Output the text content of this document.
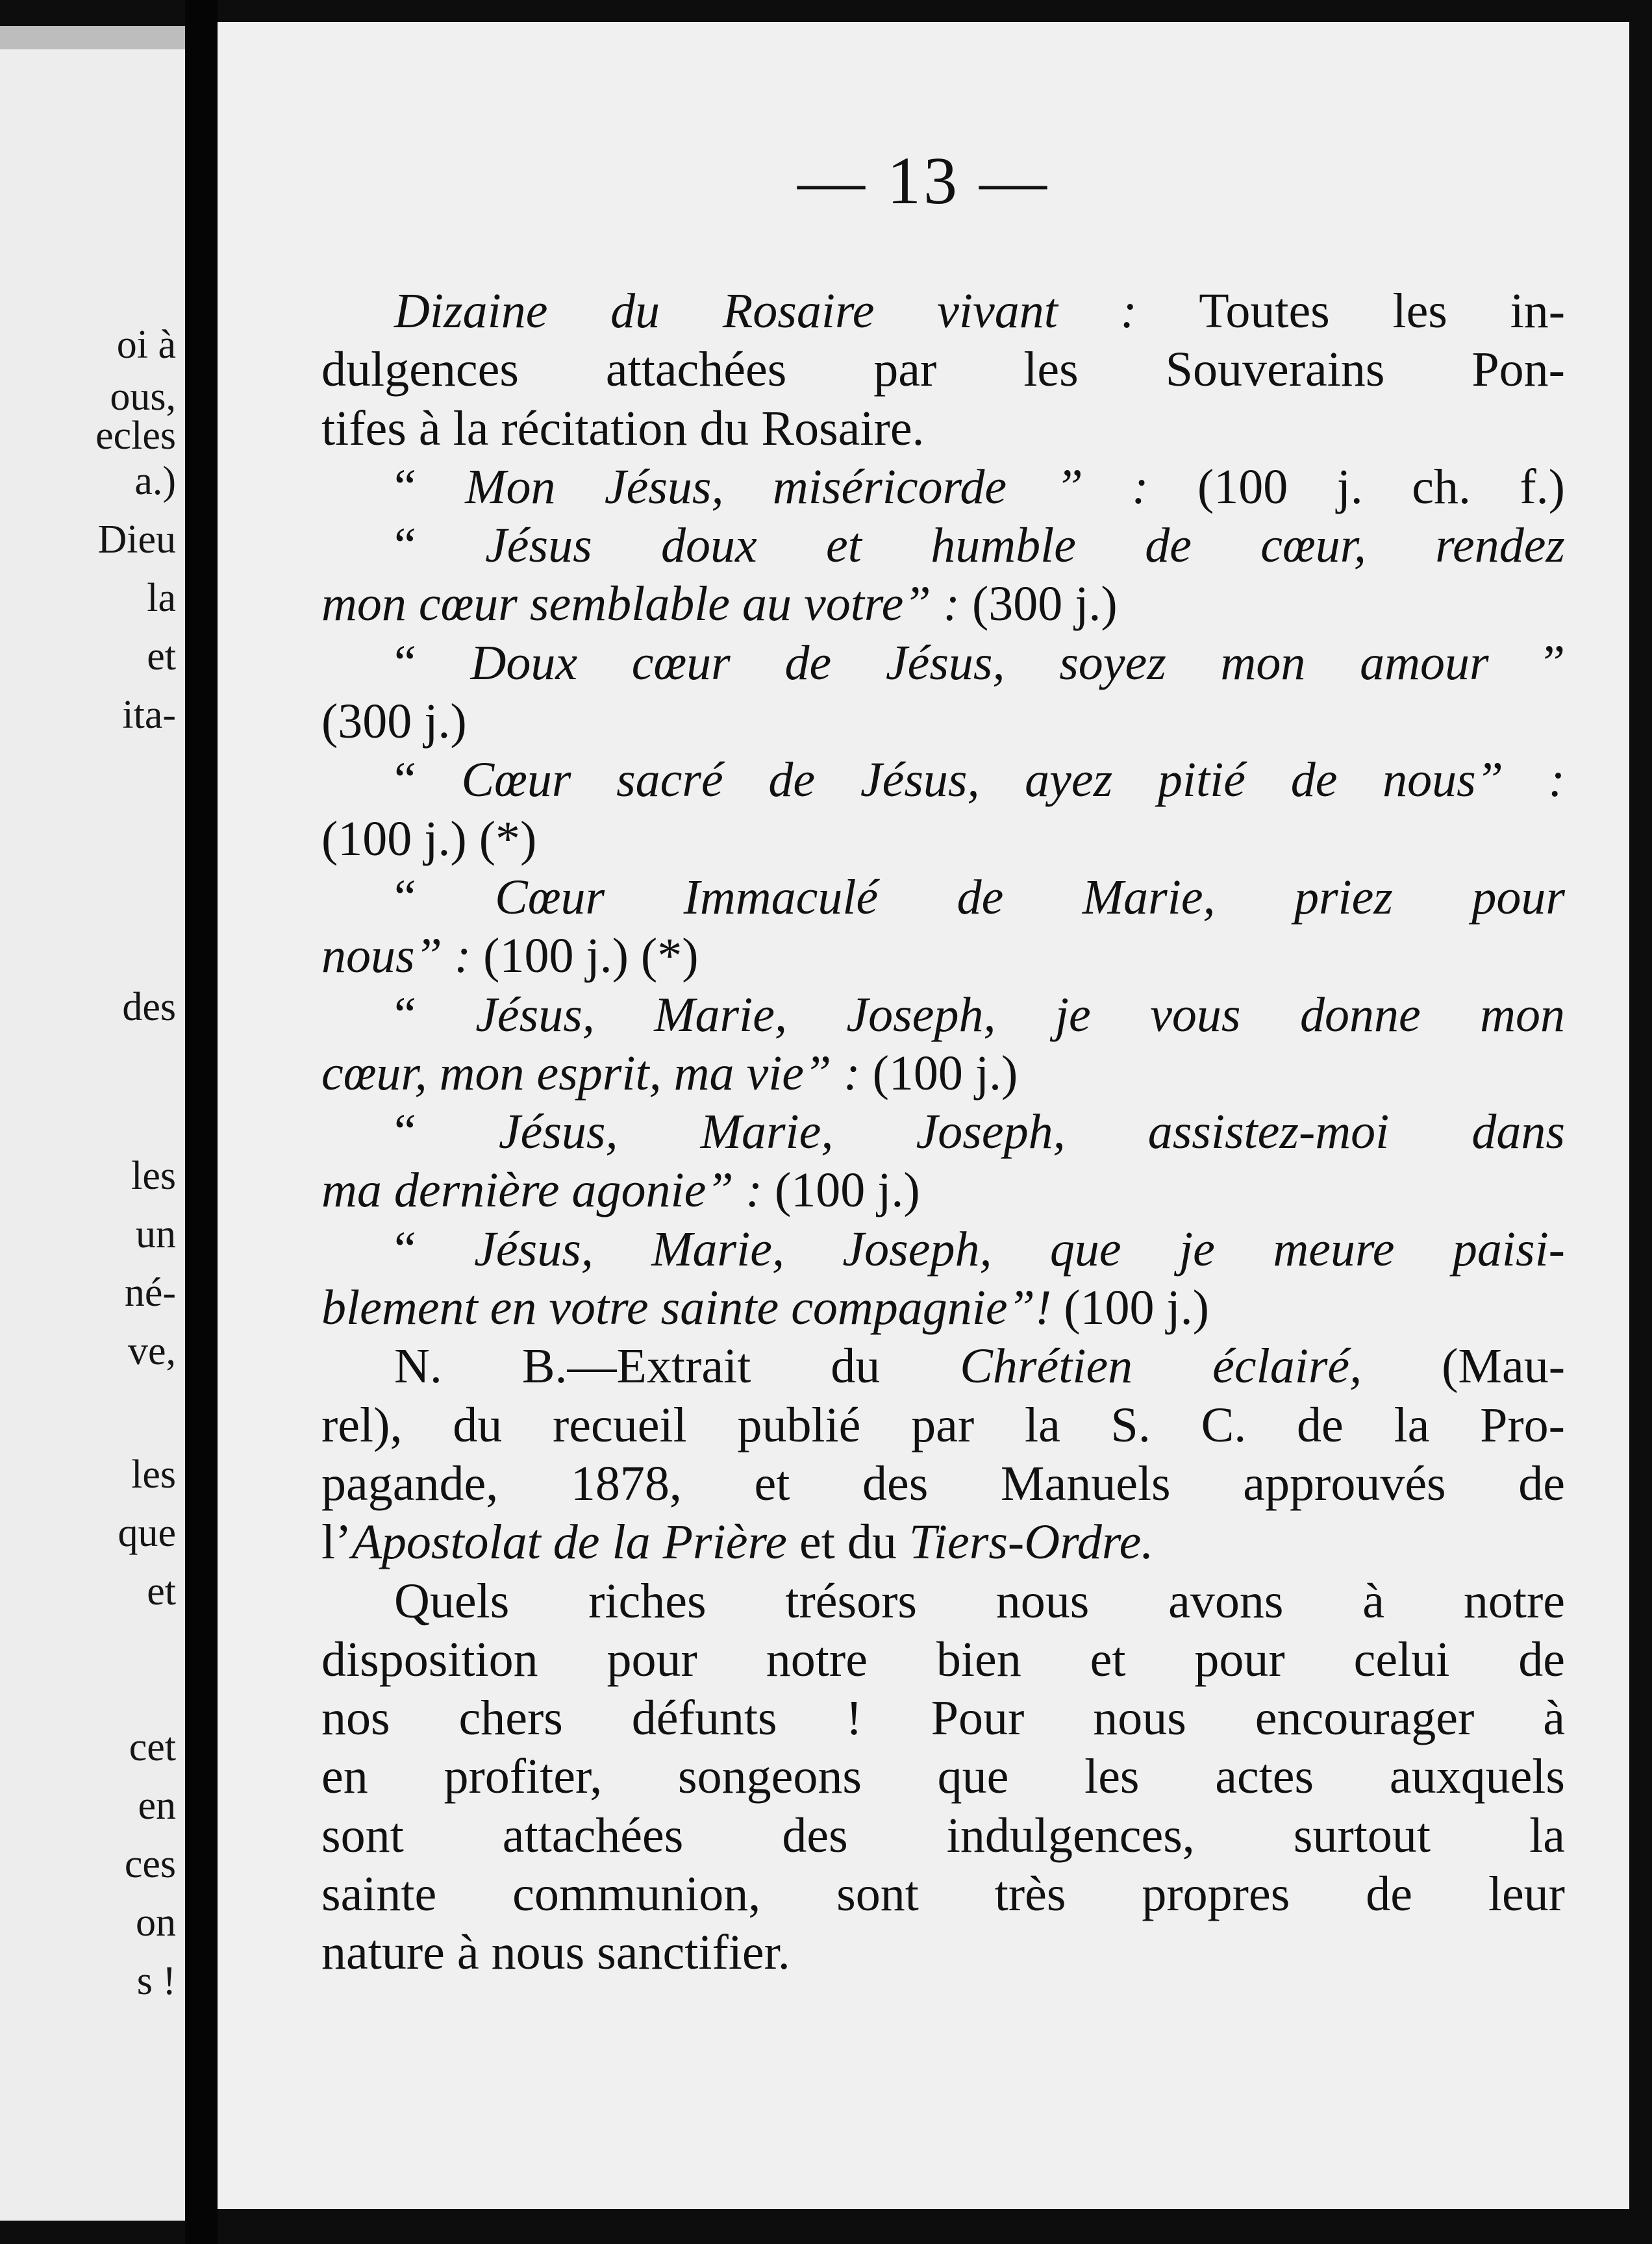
oi à
ous,
ecles
a.)
Dieu
la
et
ita-
des
les
un
né-
ve,
les
que
et
cet
en
ces
on
s !
— 13 —
Dizaine du Rosaire vivant : Toutes les in-
dulgences attachées par les Souverains Pon-
tifes à la récitation du Rosaire.
“ Mon Jésus, miséricorde ” : (100 j. ch. f.)
“ Jésus doux et humble de cœur, rendez
mon cœur semblable au votre” : (300 j.)
“ Doux cœur de Jésus, soyez mon amour ”
(300 j.)
“ Cœur sacré de Jésus, ayez pitié de nous” :
(100 j.) (*)
“ Cœur Immaculé de Marie, priez pour
nous” : (100 j.) (*)
“ Jésus, Marie, Joseph, je vous donne mon
cœur, mon esprit, ma vie” : (100 j.)
“ Jésus, Marie, Joseph, assistez-moi dans
ma dernière agonie” : (100 j.)
“ Jésus, Marie, Joseph, que je meure paisi-
blement en votre sainte compagnie”! (100 j.)
N. B.—Extrait du Chrétien éclairé, (Mau-
rel), du recueil publié par la S. C. de la Pro-
pagande, 1878, et des Manuels approuvés de
l’Apostolat de la Prière et du Tiers-Ordre.
Quels riches trésors nous avons à notre
disposition pour notre bien et pour celui de
nos chers défunts ! Pour nous encourager à
en profiter, songeons que les actes auxquels
sont attachées des indulgences, surtout la
sainte communion, sont très propres de leur
nature à nous sanctifier.
